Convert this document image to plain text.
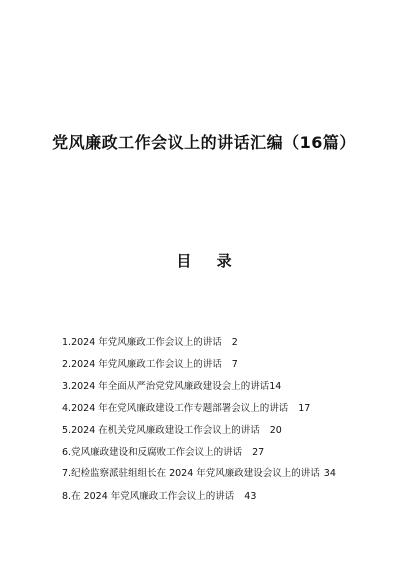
党风廉政工作会议上的讲话汇编（16篇）
目 录
1.2024 年党风廉政工作会议上的讲话 2
2.2024 年党风廉政工作会议上的讲话 7
3.2024 年全面从严治党党风廉政建设会上的讲话14
4.2024 年在党风廉政建设工作专题部署会议上的讲话 17
5.2024 在机关党风廉政建设工作会议上的讲话 20
6.党风廉政建设和反腐败工作会议上的讲话 27
7.纪检监察派驻组组长在 2024 年党风廉政建设会议上的讲话 34
8.在 2024 年党风廉政工作会议上的讲话 43
